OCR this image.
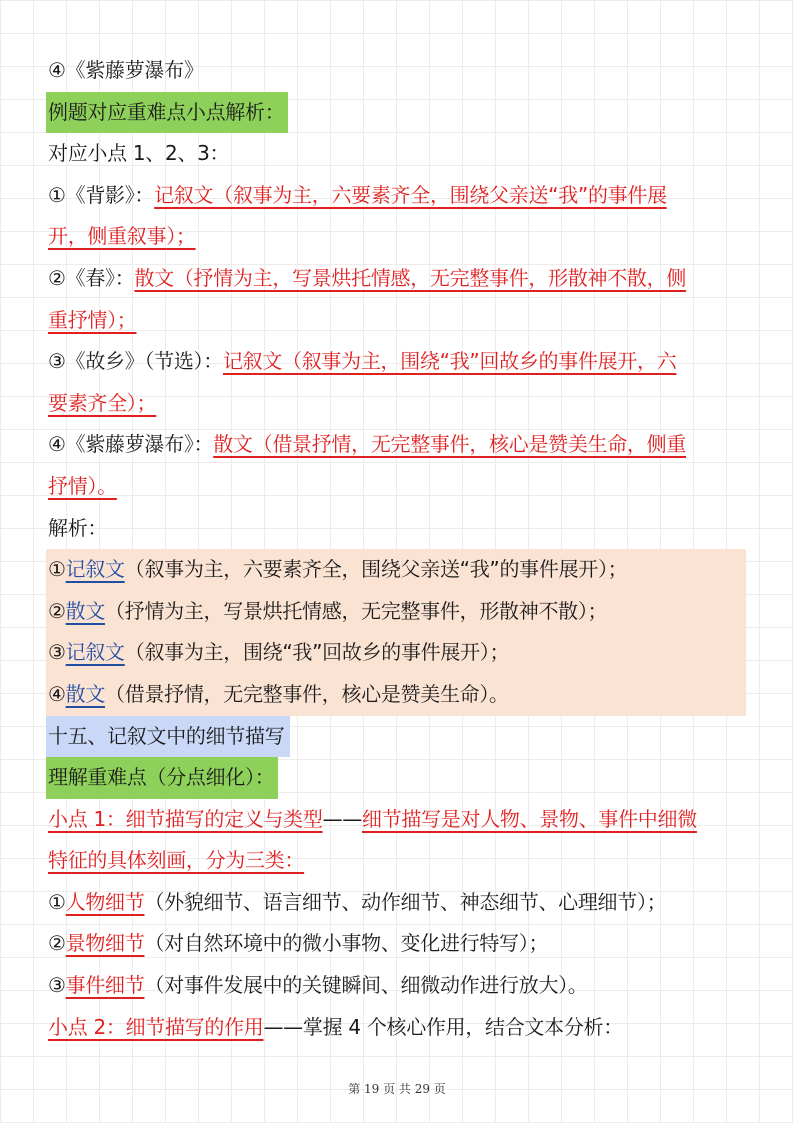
④《紫藤萝瀑布》
例题对应重难点小点解析：
对应小点 1、2、3：
①《背影》：记叙文（叙事为主，六要素齐全，围绕父亲送“我”的事件展
开，侧重叙事）；
②《春》：散文（抒情为主，写景烘托情感，无完整事件，形散神不散，侧
重抒情）；
③《故乡》（节选）：记叙文（叙事为主，围绕“我”回故乡的事件展开，六
要素齐全）；
④《紫藤萝瀑布》：散文（借景抒情，无完整事件，核心是赞美生命，侧重
抒情）。
解析：
①记叙文（叙事为主，六要素齐全，围绕父亲送“我”的事件展开）；
②散文（抒情为主，写景烘托情感，无完整事件，形散神不散）；
③记叙文（叙事为主，围绕“我”回故乡的事件展开）；
④散文（借景抒情，无完整事件，核心是赞美生命）。
十五、记叙文中的细节描写
理解重难点（分点细化）：
小点 1：细节描写的定义与类型——细节描写是对人物、景物、事件中细微
特征的具体刻画，分为三类：
①人物细节（外貌细节、语言细节、动作细节、神态细节、心理细节）；
②景物细节（对自然环境中的微小事物、变化进行特写）；
③事件细节（对事件发展中的关键瞬间、细微动作进行放大）。
小点 2：细节描写的作用——掌握 4 个核心作用，结合文本分析：
第 19 页 共 29 页
